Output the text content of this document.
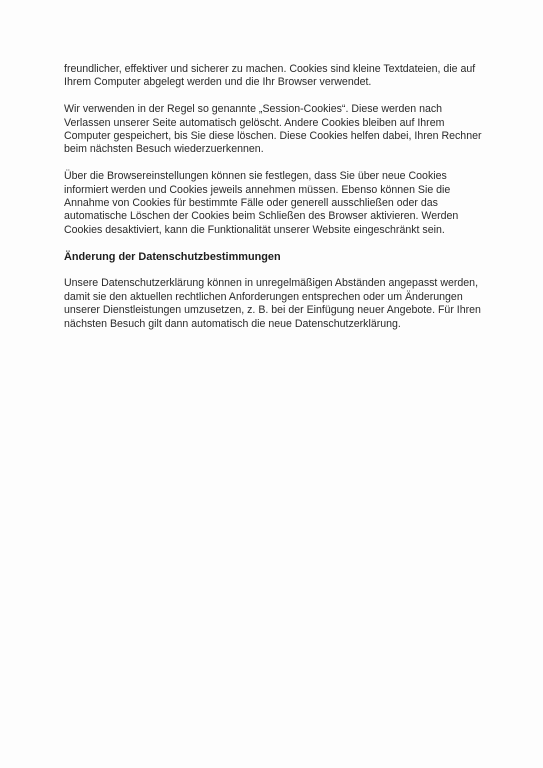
freundlicher, effektiver und sicherer zu machen. Cookies sind kleine Textdateien, die auf Ihrem Computer abgelegt werden und die Ihr Browser verwendet.

Wir verwenden in der Regel so genannte „Session-Cookies“. Diese werden nach Verlassen unserer Seite automatisch gelöscht. Andere Cookies bleiben auf Ihrem Computer gespeichert, bis Sie diese löschen. Diese Cookies helfen dabei, Ihren Rechner beim nächsten Besuch wiederzuerkennen.

Über die Browsereinstellungen können sie festlegen, dass Sie über neue Cookies informiert werden und Cookies jeweils annehmen müssen. Ebenso können Sie die Annahme von Cookies für bestimmte Fälle oder generell ausschließen oder das automatische Löschen der Cookies beim Schließen des Browser aktivieren. Werden Cookies desaktiviert, kann die Funktionalität unserer Website eingeschränkt sein.

Änderung der Datenschutzbestimmungen

Unsere Datenschutzerklärung können in unregelmäßigen Abständen angepasst werden, damit sie den aktuellen rechtlichen Anforderungen entsprechen oder um Änderungen unserer Dienstleistungen umzusetzen, z. B. bei der Einfügung neuer Angebote. Für Ihren nächsten Besuch gilt dann automatisch die neue Datenschutzerklärung.
